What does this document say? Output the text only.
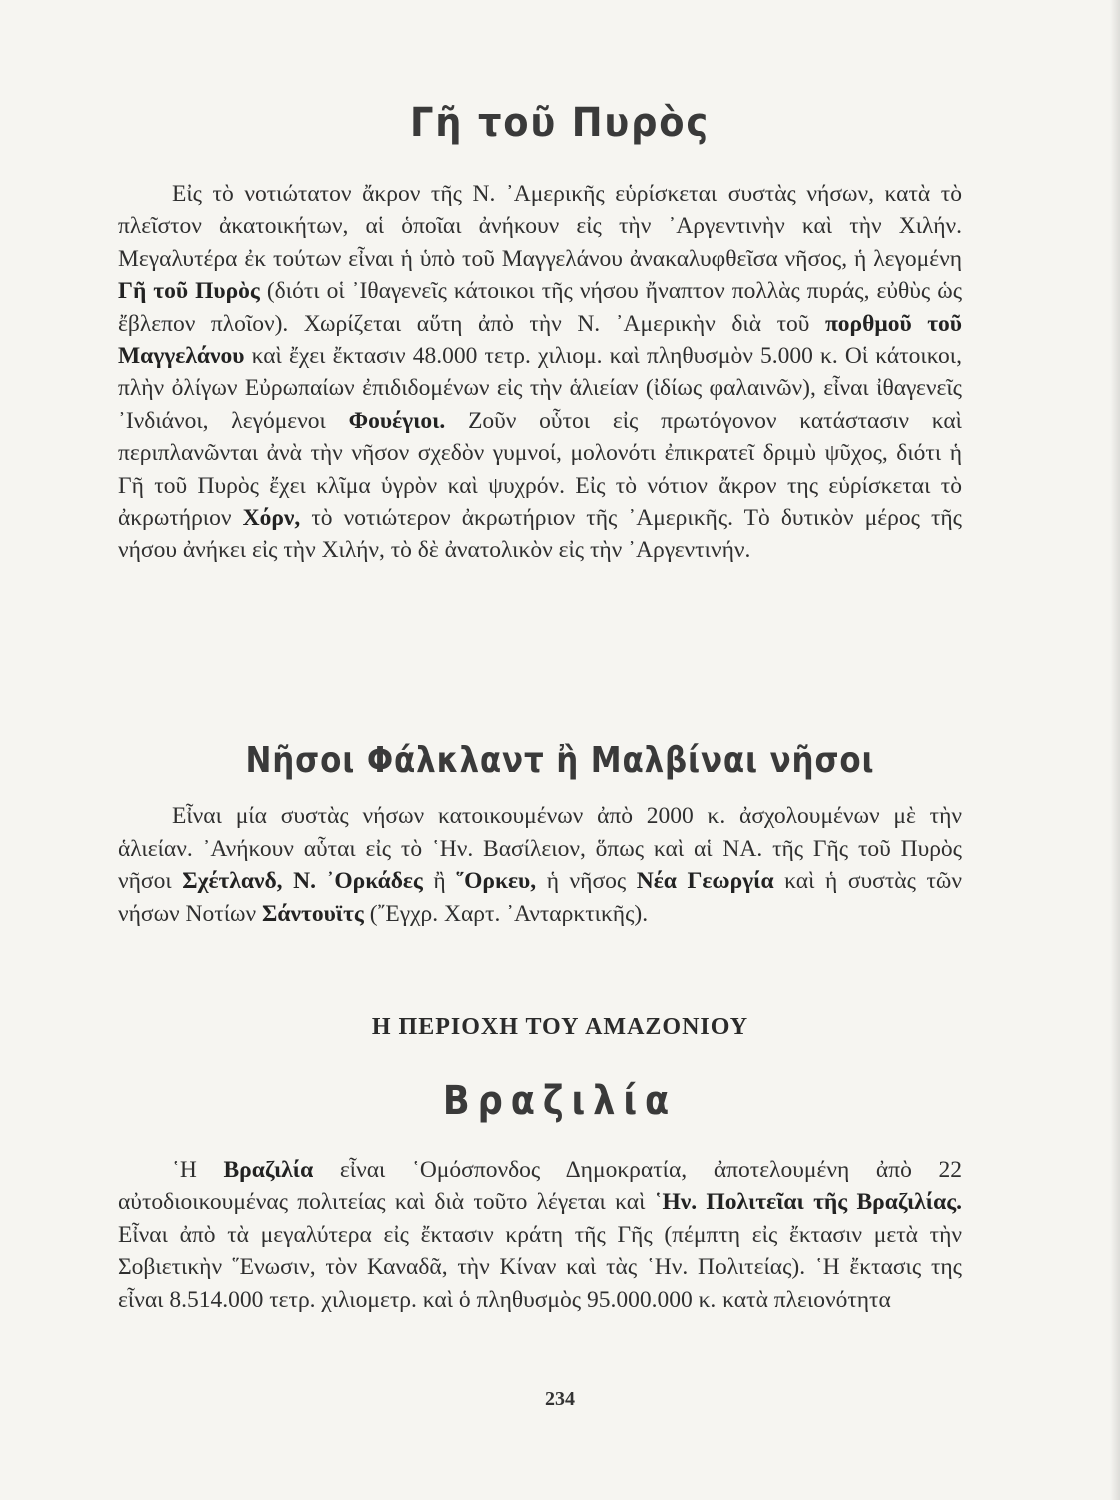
Γῆ τοῦ Πυρὸς

Εἰς τὸ νοτιώτατον ἄκρον τῆς Ν. ᾿Αμερικῆς εὑρίσκεται συστὰς νήσων, κατὰ τὸ πλεῖστον ἀκατοικήτων, αἱ ὁποῖαι ἀνήκουν εἰς τὴν ᾿Αργεντινὴν καὶ τὴν Χιλήν. Μεγαλυτέρα ἐκ τούτων εἶναι ἡ ὑπὸ τοῦ Μαγγελάνου ἀνακαλυφθεῖσα νῆσος, ἡ λεγομένη Γῆ τοῦ Πυρὸς (διότι οἱ ᾿Ιθαγενεῖς κάτοικοι τῆς νήσου ἤναπτον πολλὰς πυράς, εὐθὺς ὡς ἔβλεπον πλοῖον). Χωρίζεται αὕτη ἀπὸ τὴν Ν. ᾿Αμερικὴν διὰ τοῦ πορθμοῦ τοῦ Μαγγελάνου καὶ ἔχει ἔκτασιν 48.000 τετρ. χιλιομ. καὶ πληθυσμὸν 5.000 κ. Οἱ κάτοικοι, πλὴν ὀλίγων Εὐρωπαίων ἐπιδιδομένων εἰς τὴν ἁλιείαν (ἰδίως φαλαινῶν), εἶναι ἰθαγενεῖς ᾿Ινδιάνοι, λεγόμενοι Φουέγιοι. Ζοῦν οὗτοι εἰς πρωτόγονον κατάστασιν καὶ περιπλανῶνται ἀνὰ τὴν νῆσον σχεδὸν γυμνοί, μολονότι ἐπικρατεῖ δριμὺ ψῦχος, διότι ἡ Γῆ τοῦ Πυρὸς ἔχει κλῖμα ὑγρὸν καὶ ψυχρόν. Εἰς τὸ νότιον ἄκρον της εὑρίσκεται τὸ ἀκρωτήριον Χόρν, τὸ νοτιώτερον ἀκρωτήριον τῆς ᾿Αμερικῆς. Τὸ δυτικὸν μέρος τῆς νήσου ἀνήκει εἰς τὴν Χιλήν, τὸ δὲ ἀνατολικὸν εἰς τὴν ᾿Αργεντινήν.

Νῆσοι Φάλκλαντ ἢ Μαλβίναι νῆσοι

Εἶναι μία συστὰς νήσων κατοικουμένων ἀπὸ 2000 κ. ἀσχολουμένων μὲ τὴν ἁλιείαν. ᾿Ανήκουν αὗται εἰς τὸ ῾Ην. Βασίλειον, ὅπως καὶ αἱ ΝΑ. τῆς Γῆς τοῦ Πυρὸς νῆσοι Σχέτλανδ, Ν. ᾿Ορκάδες ἢ ῞Ορκευ, ἡ νῆσος Νέα Γεωργία καὶ ἡ συστὰς τῶν νήσων Νοτίων Σάντουϊτς (῎Εγχρ. Χαρτ. ᾿Ανταρκτικῆς).

Η ΠΕΡΙΟΧΗ ΤΟΥ ΑΜΑΖΟΝΙΟΥ
Βραζιλία

῾Η Βραζιλία εἶναι ῾Ομόσπονδος Δημοκρατία, ἀποτελουμένη ἀπὸ 22 αὐτοδιοικουμένας πολιτείας καὶ διὰ τοῦτο λέγεται καὶ ῾Ην. Πολιτεῖαι τῆς Βραζιλίας. Εἶναι ἀπὸ τὰ μεγαλύτερα εἰς ἔκτασιν κράτη τῆς Γῆς (πέμπτη εἰς ἔκτασιν μετὰ τὴν Σοβιετικὴν ῞Ενωσιν, τὸν Καναδᾶ, τὴν Κίναν καὶ τὰς ῾Ην. Πολιτείας). ῾Η ἔκτασις της εἶναι 8.514.000 τετρ. χιλιομετρ. καὶ ὁ πληθυσμὸς 95.000.000 κ. κατὰ πλειονότητα

234
